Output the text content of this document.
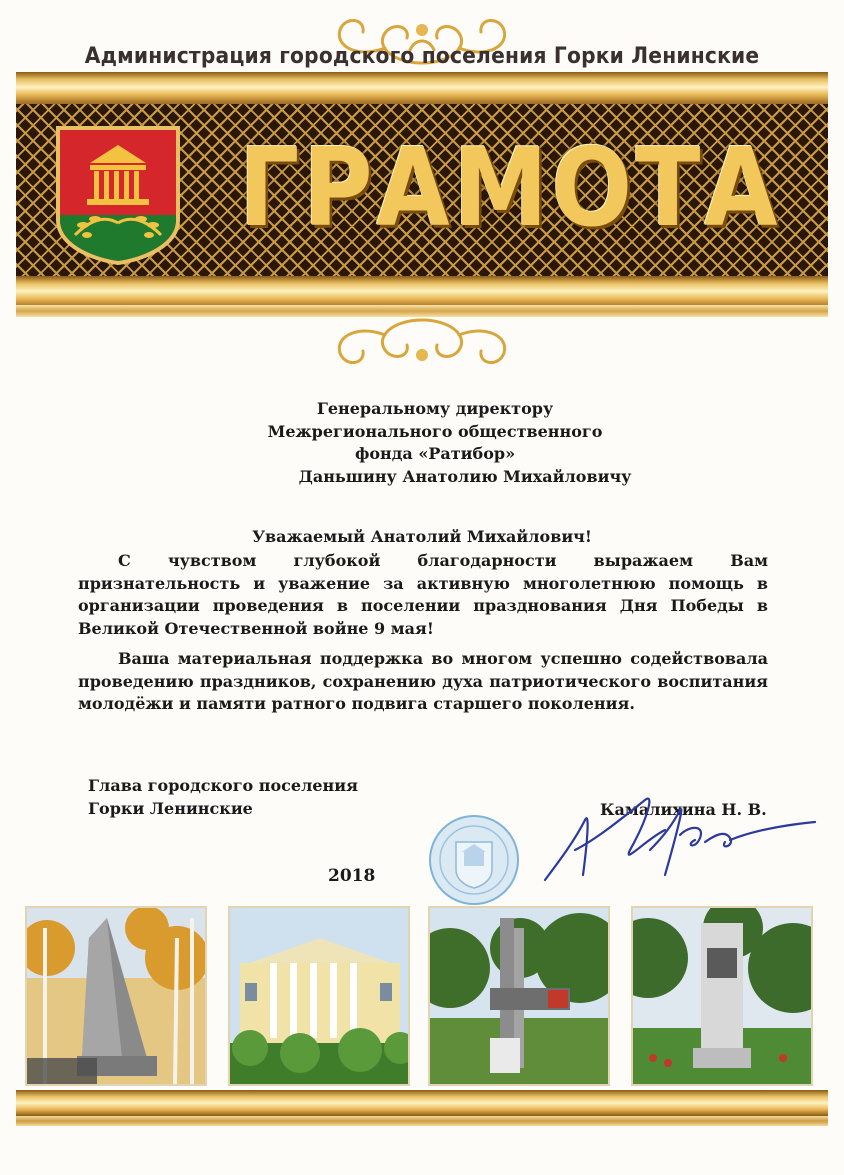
Администрация городского поселения Горки Ленинские
ГРАМОТА
Генеральному директору
Межрегионального общественного
фонда «Ратибор»
Даньшину Анатолию Михайловичу
Уважаемый Анатолий Михайлович!

С чувством глубокой благодарности выражаем Вам признательность и уважение за активную многолетнюю помощь в организации проведения в поселении празднования Дня Победы в Великой Отечественной войне 9 мая!

Ваша материальная поддержка во многом успешно содействовала проведению праздников, сохранению духа патриотического воспитания молодёжи и памяти ратного подвига старшего поколения.

Глава городского поселения
Горки Ленинские	Камалихина Н. В.
2018
